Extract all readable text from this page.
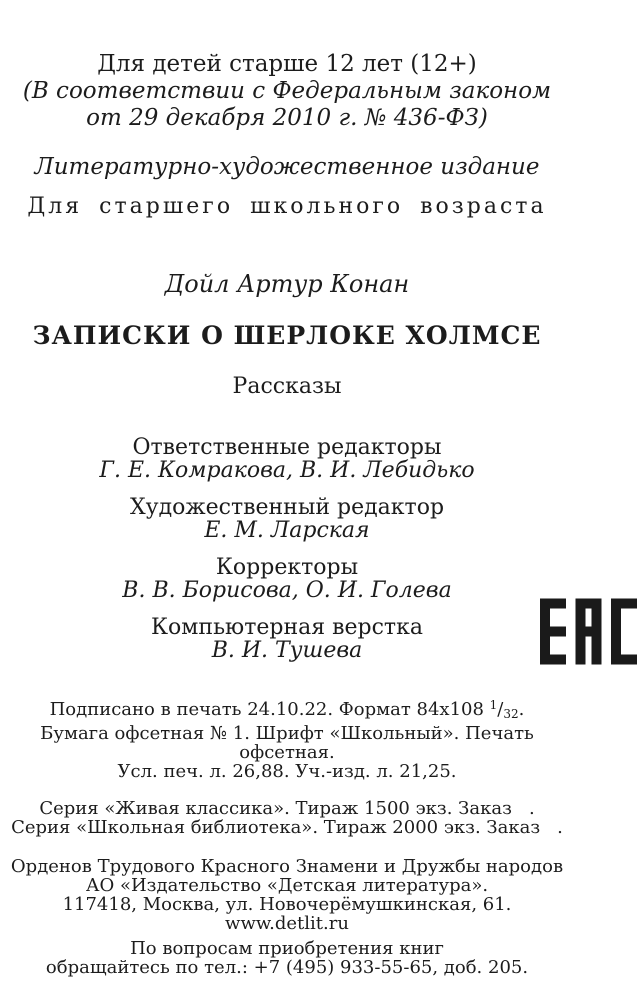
Для детей старше 12 лет (12+)
(В соответствии с Федеральным законом
от 29 декабря 2010 г. № 436-ФЗ)
Литературно-художественное издание
Для старшего школьного возраста
Дойл Артур Конан
ЗАПИСКИ О ШЕРЛОКЕ ХОЛМСЕ
Рассказы
Ответственные редакторы
Г. Е. Комракова, В. И. Лебидько
Художественный редактор
Е. М. Ларская
Корректоры
В. В. Борисова, О. И. Голева
Компьютерная верстка
В. И. Тушева
Подписано в печать 24.10.22. Формат 84х108 $^1/_{32}$.
Бумага офсетная № 1. Шрифт «Школьный». Печать офсетная.
Усл. печ. л. 26,88. Уч.-изд. л. 21,25.
Серия «Живая классика». Тираж 1500 экз. Заказ .
Серия «Школьная библиотека». Тираж 2000 экз. Заказ .
Орденов Трудового Красного Знамени и Дружбы народов
АО «Издательство «Детская литература».
117418, Москва, ул. Новочерёмушкинская, 61.
www.detlit.ru
По вопросам приобретения книг
обращайтесь по тел.: +7 (495) 933-55-65, доб. 205.
